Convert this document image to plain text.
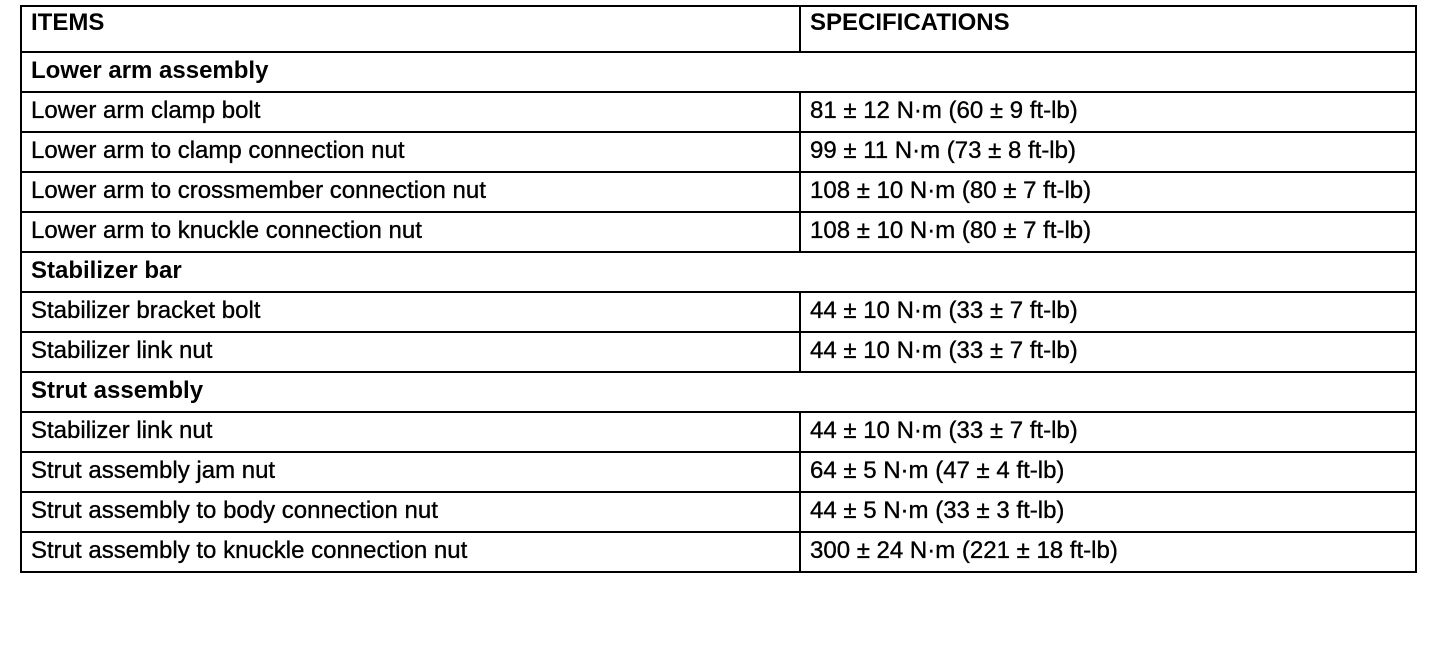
ITEMS	SPECIFICATIONS
Lower arm assembly	
Lower arm clamp bolt	81 ± 12 N·m (60 ± 9 ft-lb)
Lower arm to clamp connection nut	99 ± 11 N·m (73 ± 8 ft-lb)
Lower arm to crossmember connection nut	108 ± 10 N·m (80 ± 7 ft-lb)
Lower arm to knuckle connection nut	108 ± 10 N·m (80 ± 7 ft-lb)
Stabilizer bar	
Stabilizer bracket bolt	44 ± 10 N·m (33 ± 7 ft-lb)
Stabilizer link nut	44 ± 10 N·m (33 ± 7 ft-lb)
Strut assembly	
Stabilizer link nut	44 ± 10 N·m (33 ± 7 ft-lb)
Strut assembly jam nut	64 ± 5 N·m (47 ± 4 ft-lb)
Strut assembly to body connection nut	44 ± 5 N·m (33 ± 3 ft-lb)
Strut assembly to knuckle connection nut	300 ± 24 N·m (221 ± 18 ft-lb)
